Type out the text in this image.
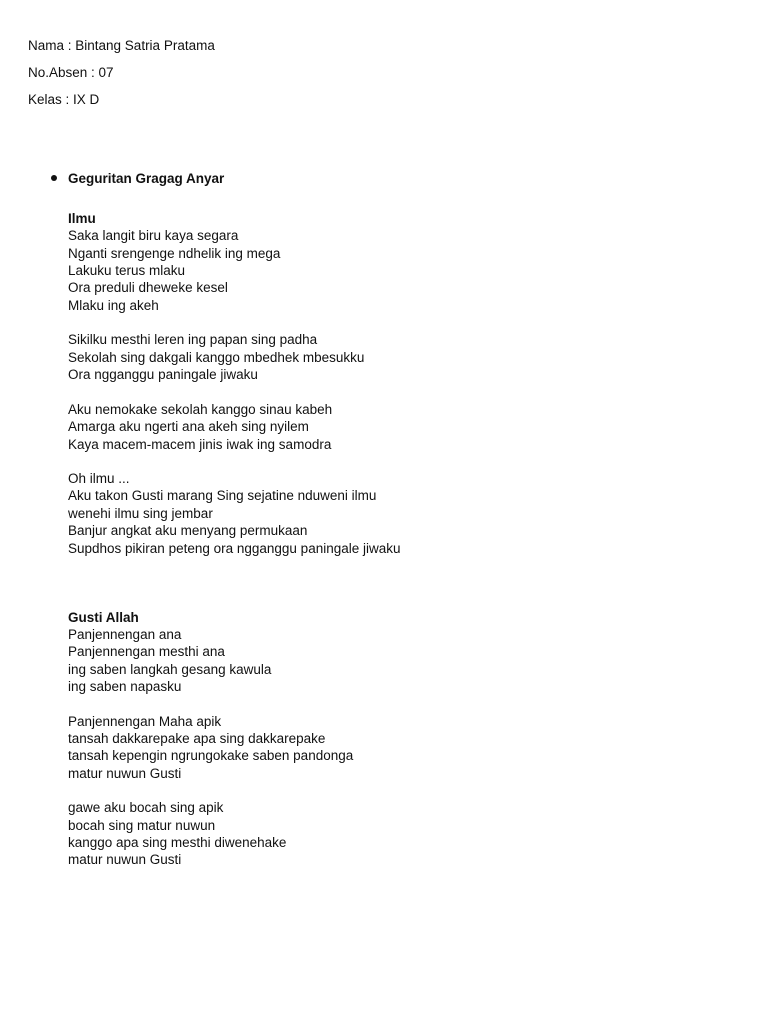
Nama : Bintang Satria Pratama
No.Absen : 07
Kelas : IX D
Geguritan Gragag Anyar
Ilmu
Saka langit biru kaya segara
Nganti srengenge ndhelik ing mega
Lakuku terus mlaku
Ora preduli dheweke kesel
Mlaku ing akeh
Sikilku mesthi leren ing papan sing padha
Sekolah sing dakgali kanggo mbedhek mbesukku
Ora ngganggu paningale jiwaku
Aku nemokake sekolah kanggo sinau kabeh
Amarga aku ngerti ana akeh sing nyilem
Kaya macem-macem jinis iwak ing samodra
Oh ilmu ...
Aku takon Gusti marang Sing sejatine nduweni ilmu
wenehi ilmu sing jembar
Banjur angkat aku menyang permukaan
Supdhos pikiran peteng ora ngganggu paningale jiwaku
Gusti Allah
Panjennengan ana
Panjennengan mesthi ana
ing saben langkah gesang kawula
ing saben napasku
Panjennengan Maha apik
tansah dakkarepake apa sing dakkarepake
tansah kepengin ngrungokake saben pandonga
matur nuwun Gusti
gawe aku bocah sing apik
bocah sing matur nuwun
kanggo apa sing mesthi diwenehake
matur nuwun Gusti
